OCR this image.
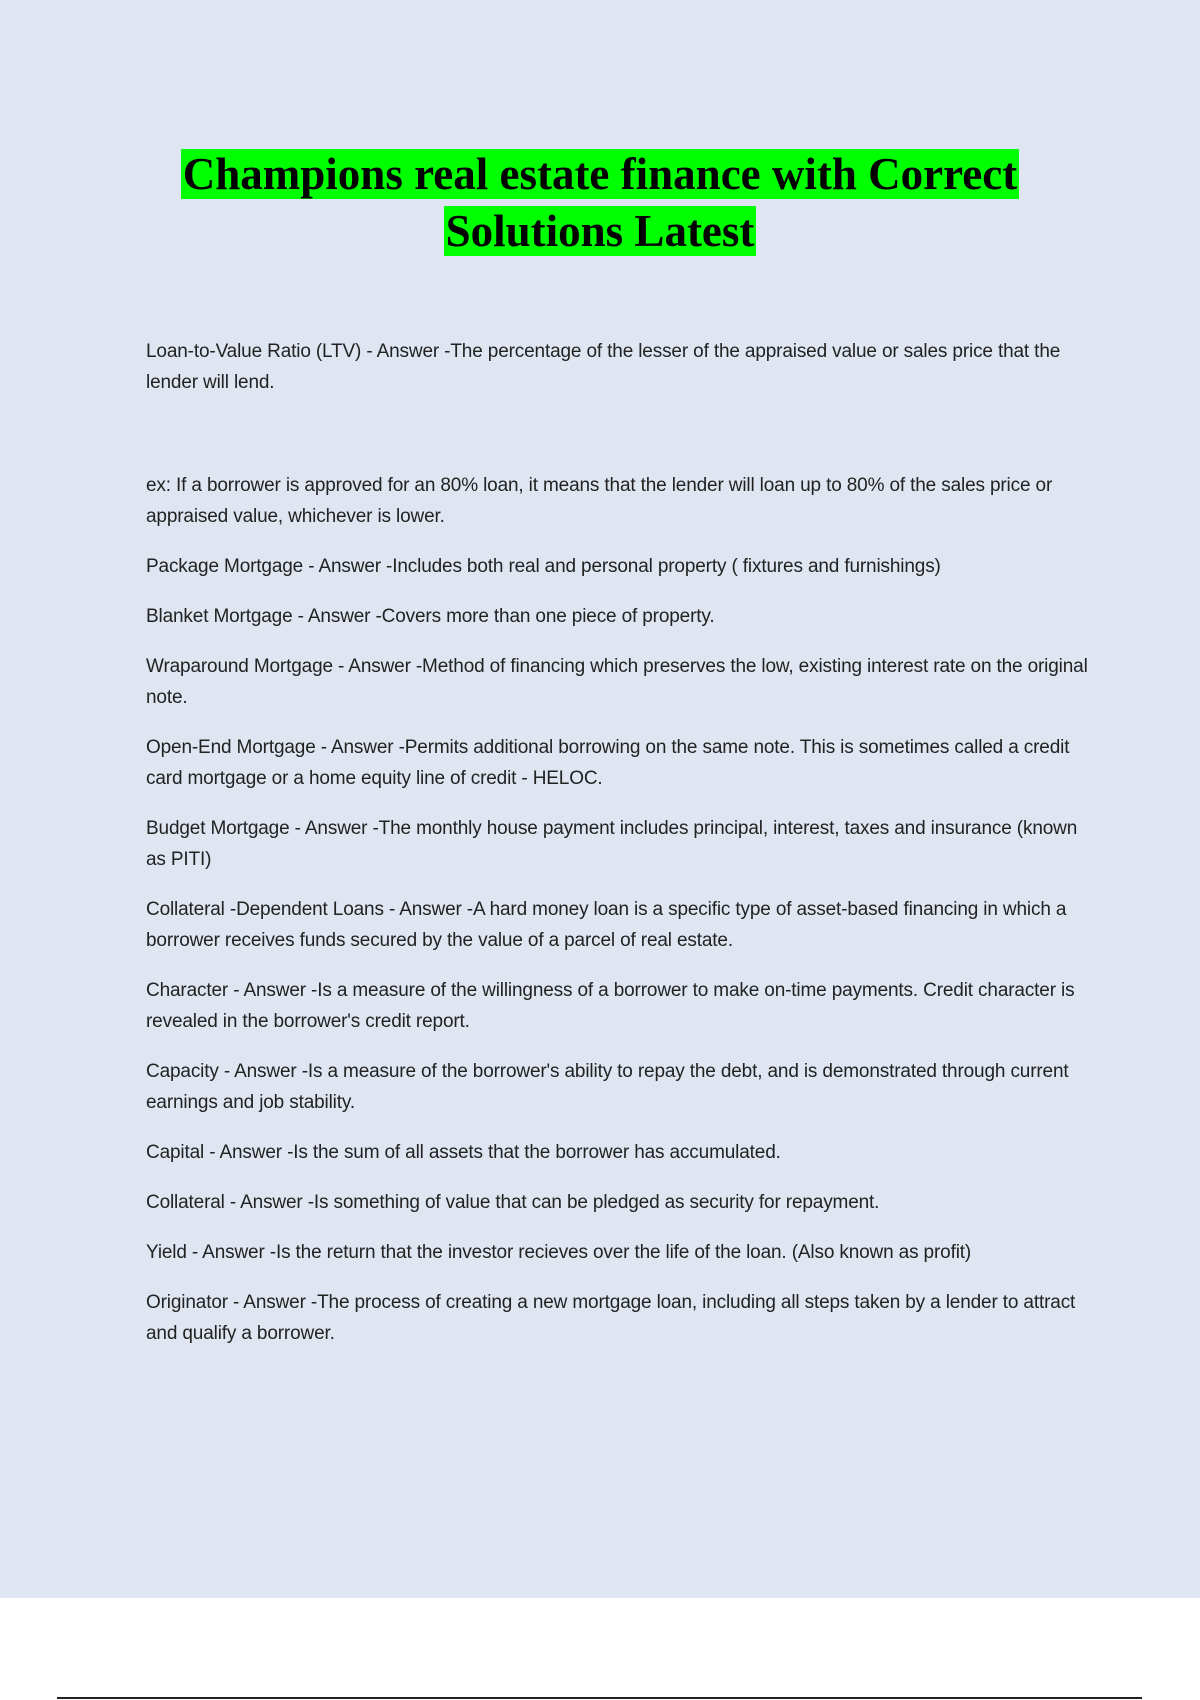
Champions real estate finance with Correct Solutions Latest

Loan-to-Value Ratio (LTV) - Answer -The percentage of the lesser of the appraised value or sales price that the lender will lend.

ex: If a borrower is approved for an 80% loan, it means that the lender will loan up to 80% of the sales price or appraised value, whichever is lower.

Package Mortgage - Answer -Includes both real and personal property ( fixtures and furnishings)

Blanket Mortgage - Answer -Covers more than one piece of property.

Wraparound Mortgage - Answer -Method of financing which preserves the low, existing interest rate on the original note.

Open-End Mortgage - Answer -Permits additional borrowing on the same note. This is sometimes called a credit card mortgage or a home equity line of credit - HELOC.

Budget Mortgage - Answer -The monthly house payment includes principal, interest, taxes and insurance (known as PITI)

Collateral -Dependent Loans - Answer -A hard money loan is a specific type of asset-based financing in which a borrower receives funds secured by the value of a parcel of real estate.

Character - Answer -Is a measure of the willingness of a borrower to make on-time payments. Credit character is revealed in the borrower's credit report.

Capacity - Answer -Is a measure of the borrower's ability to repay the debt, and is demonstrated through current earnings and job stability.

Capital - Answer -Is the sum of all assets that the borrower has accumulated.

Collateral - Answer -Is something of value that can be pledged as security for repayment.

Yield - Answer -Is the return that the investor recieves over the life of the loan. (Also known as profit)

Originator - Answer -The process of creating a new mortgage loan, including all steps taken by a lender to attract and qualify a borrower.
